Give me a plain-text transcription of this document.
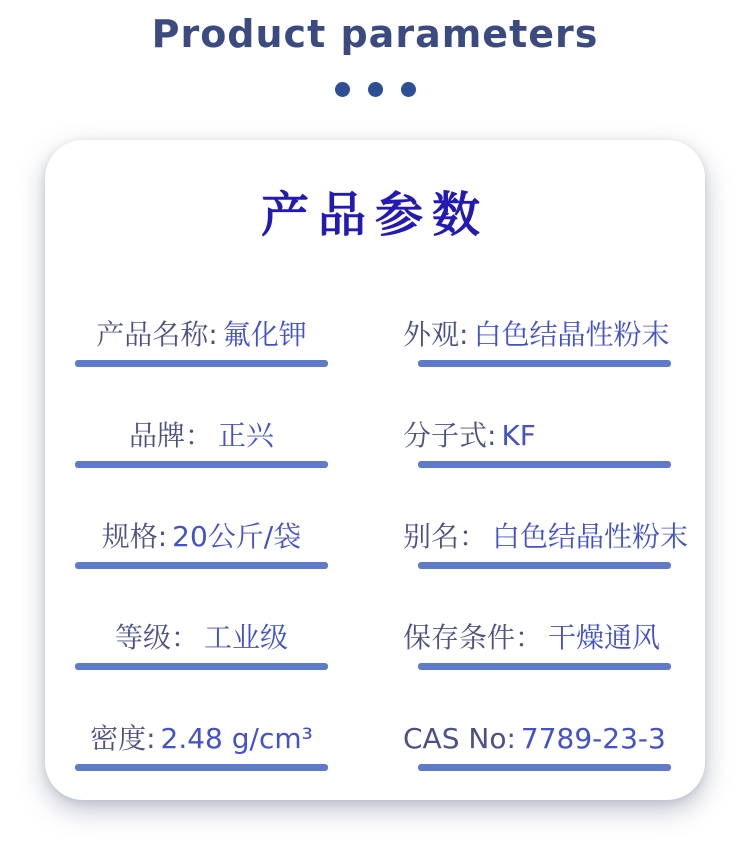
Product parameters
产品参数
产品名称: 氟化钾	外观: 白色结晶性粉末
品牌： 正兴	分子式: KF
规格: 20公斤/袋	别名： 白色结晶性粉末
等级： 工业级	保存条件： 干燥通风
密度: 2.48 g/cm³	CAS No: 7789-23-3
